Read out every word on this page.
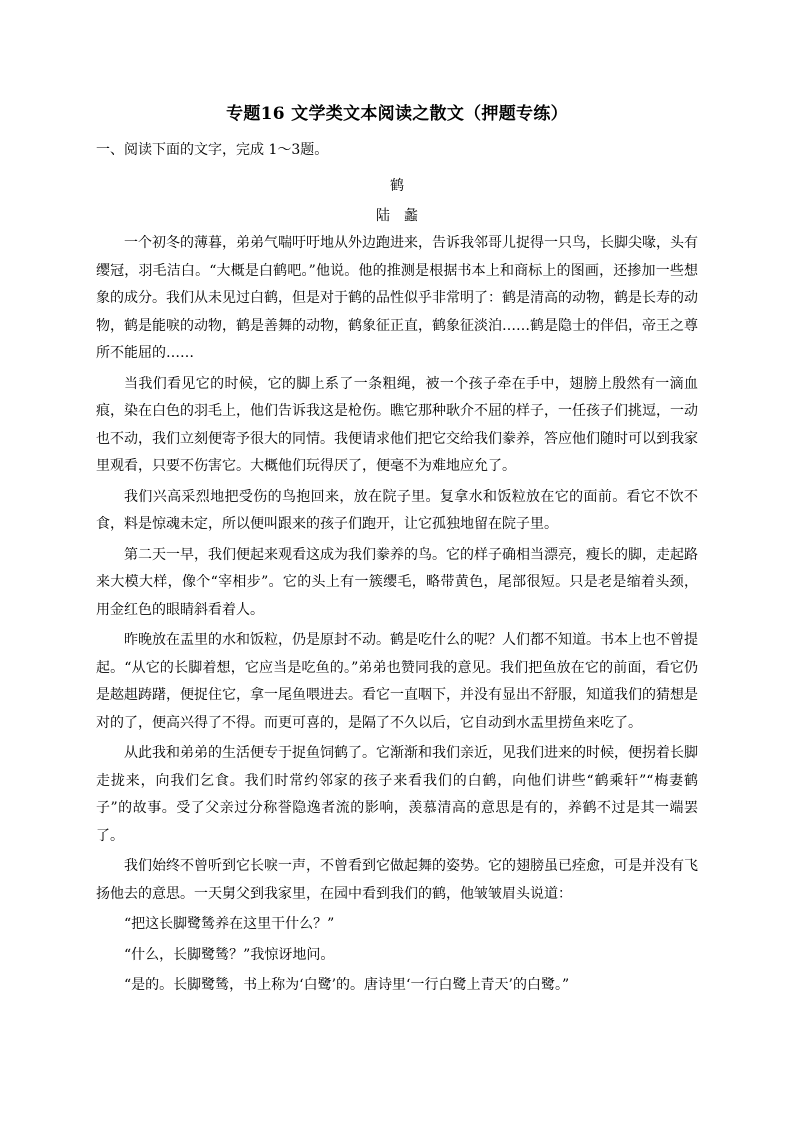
专题16 文学类文本阅读之散文（押题专练）

一、阅读下面的文字，完成 1～3题。

鹤

陆蠡

一个初冬的薄暮，弟弟气喘吁吁地从外边跑进来，告诉我邻哥儿捉得一只鸟，长脚尖喙，头有缨冠，羽毛洁白。“大概是白鹤吧。”他说。他的推测是根据书本上和商标上的图画，还掺加一些想象的成分。我们从未见过白鹤，但是对于鹤的品性似乎非常明了：鹤是清高的动物，鹤是长寿的动物，鹤是能唳的动物，鹤是善舞的动物，鹤象征正直，鹤象征淡泊……鹤是隐士的伴侣，帝王之尊所不能屈的……

当我们看见它的时候，它的脚上系了一条粗绳，被一个孩子牵在手中，翅膀上殷然有一滴血痕，染在白色的羽毛上，他们告诉我这是枪伤。瞧它那种耿介不屈的样子，一任孩子们挑逗，一动也不动，我们立刻便寄予很大的同情。我便请求他们把它交给我们豢养，答应他们随时可以到我家里观看，只要不伤害它。大概他们玩得厌了，便毫不为难地应允了。

我们兴高采烈地把受伤的鸟抱回来，放在院子里。复拿水和饭粒放在它的面前。看它不饮不食，料是惊魂未定，所以便叫跟来的孩子们跑开，让它孤独地留在院子里。

第二天一早，我们便起来观看这成为我们豢养的鸟。它的样子确相当漂亮，瘦长的脚，走起路来大模大样，像个“宰相步”。它的头上有一簇缨毛，略带黄色，尾部很短。只是老是缩着头颈，用金红色的眼睛斜看着人。

昨晚放在盂里的水和饭粒，仍是原封不动。鹤是吃什么的呢？人们都不知道。书本上也不曾提起。“从它的长脚着想，它应当是吃鱼的。”弟弟也赞同我的意见。我们把鱼放在它的前面，看它仍是趑趄踌躇，便捉住它，拿一尾鱼喂进去。看它一直咽下，并没有显出不舒服，知道我们的猜想是对的了，便高兴得了不得。而更可喜的，是隔了不久以后，它自动到水盂里捞鱼来吃了。

从此我和弟弟的生活便专于捉鱼饲鹤了。它渐渐和我们亲近，见我们进来的时候，便拐着长脚走拢来，向我们乞食。我们时常约邻家的孩子来看我们的白鹤，向他们讲些“鹤乘轩”“梅妻鹤子”的故事。受了父亲过分称誉隐逸者流的影响，羡慕清高的意思是有的，养鹤不过是其一端罢了。

我们始终不曾听到它长唳一声，不曾看到它做起舞的姿势。它的翅膀虽已痊愈，可是并没有飞扬他去的意思。一天舅父到我家里，在园中看到我们的鹤，他皱皱眉头说道：

“把这长脚鹭鸶养在这里干什么？”

“什么，长脚鹭鸶？”我惊讶地问。

“是的。长脚鹭鸶，书上称为‘白鹭’的。唐诗里‘一行白鹭上青天’的白鹭。”
